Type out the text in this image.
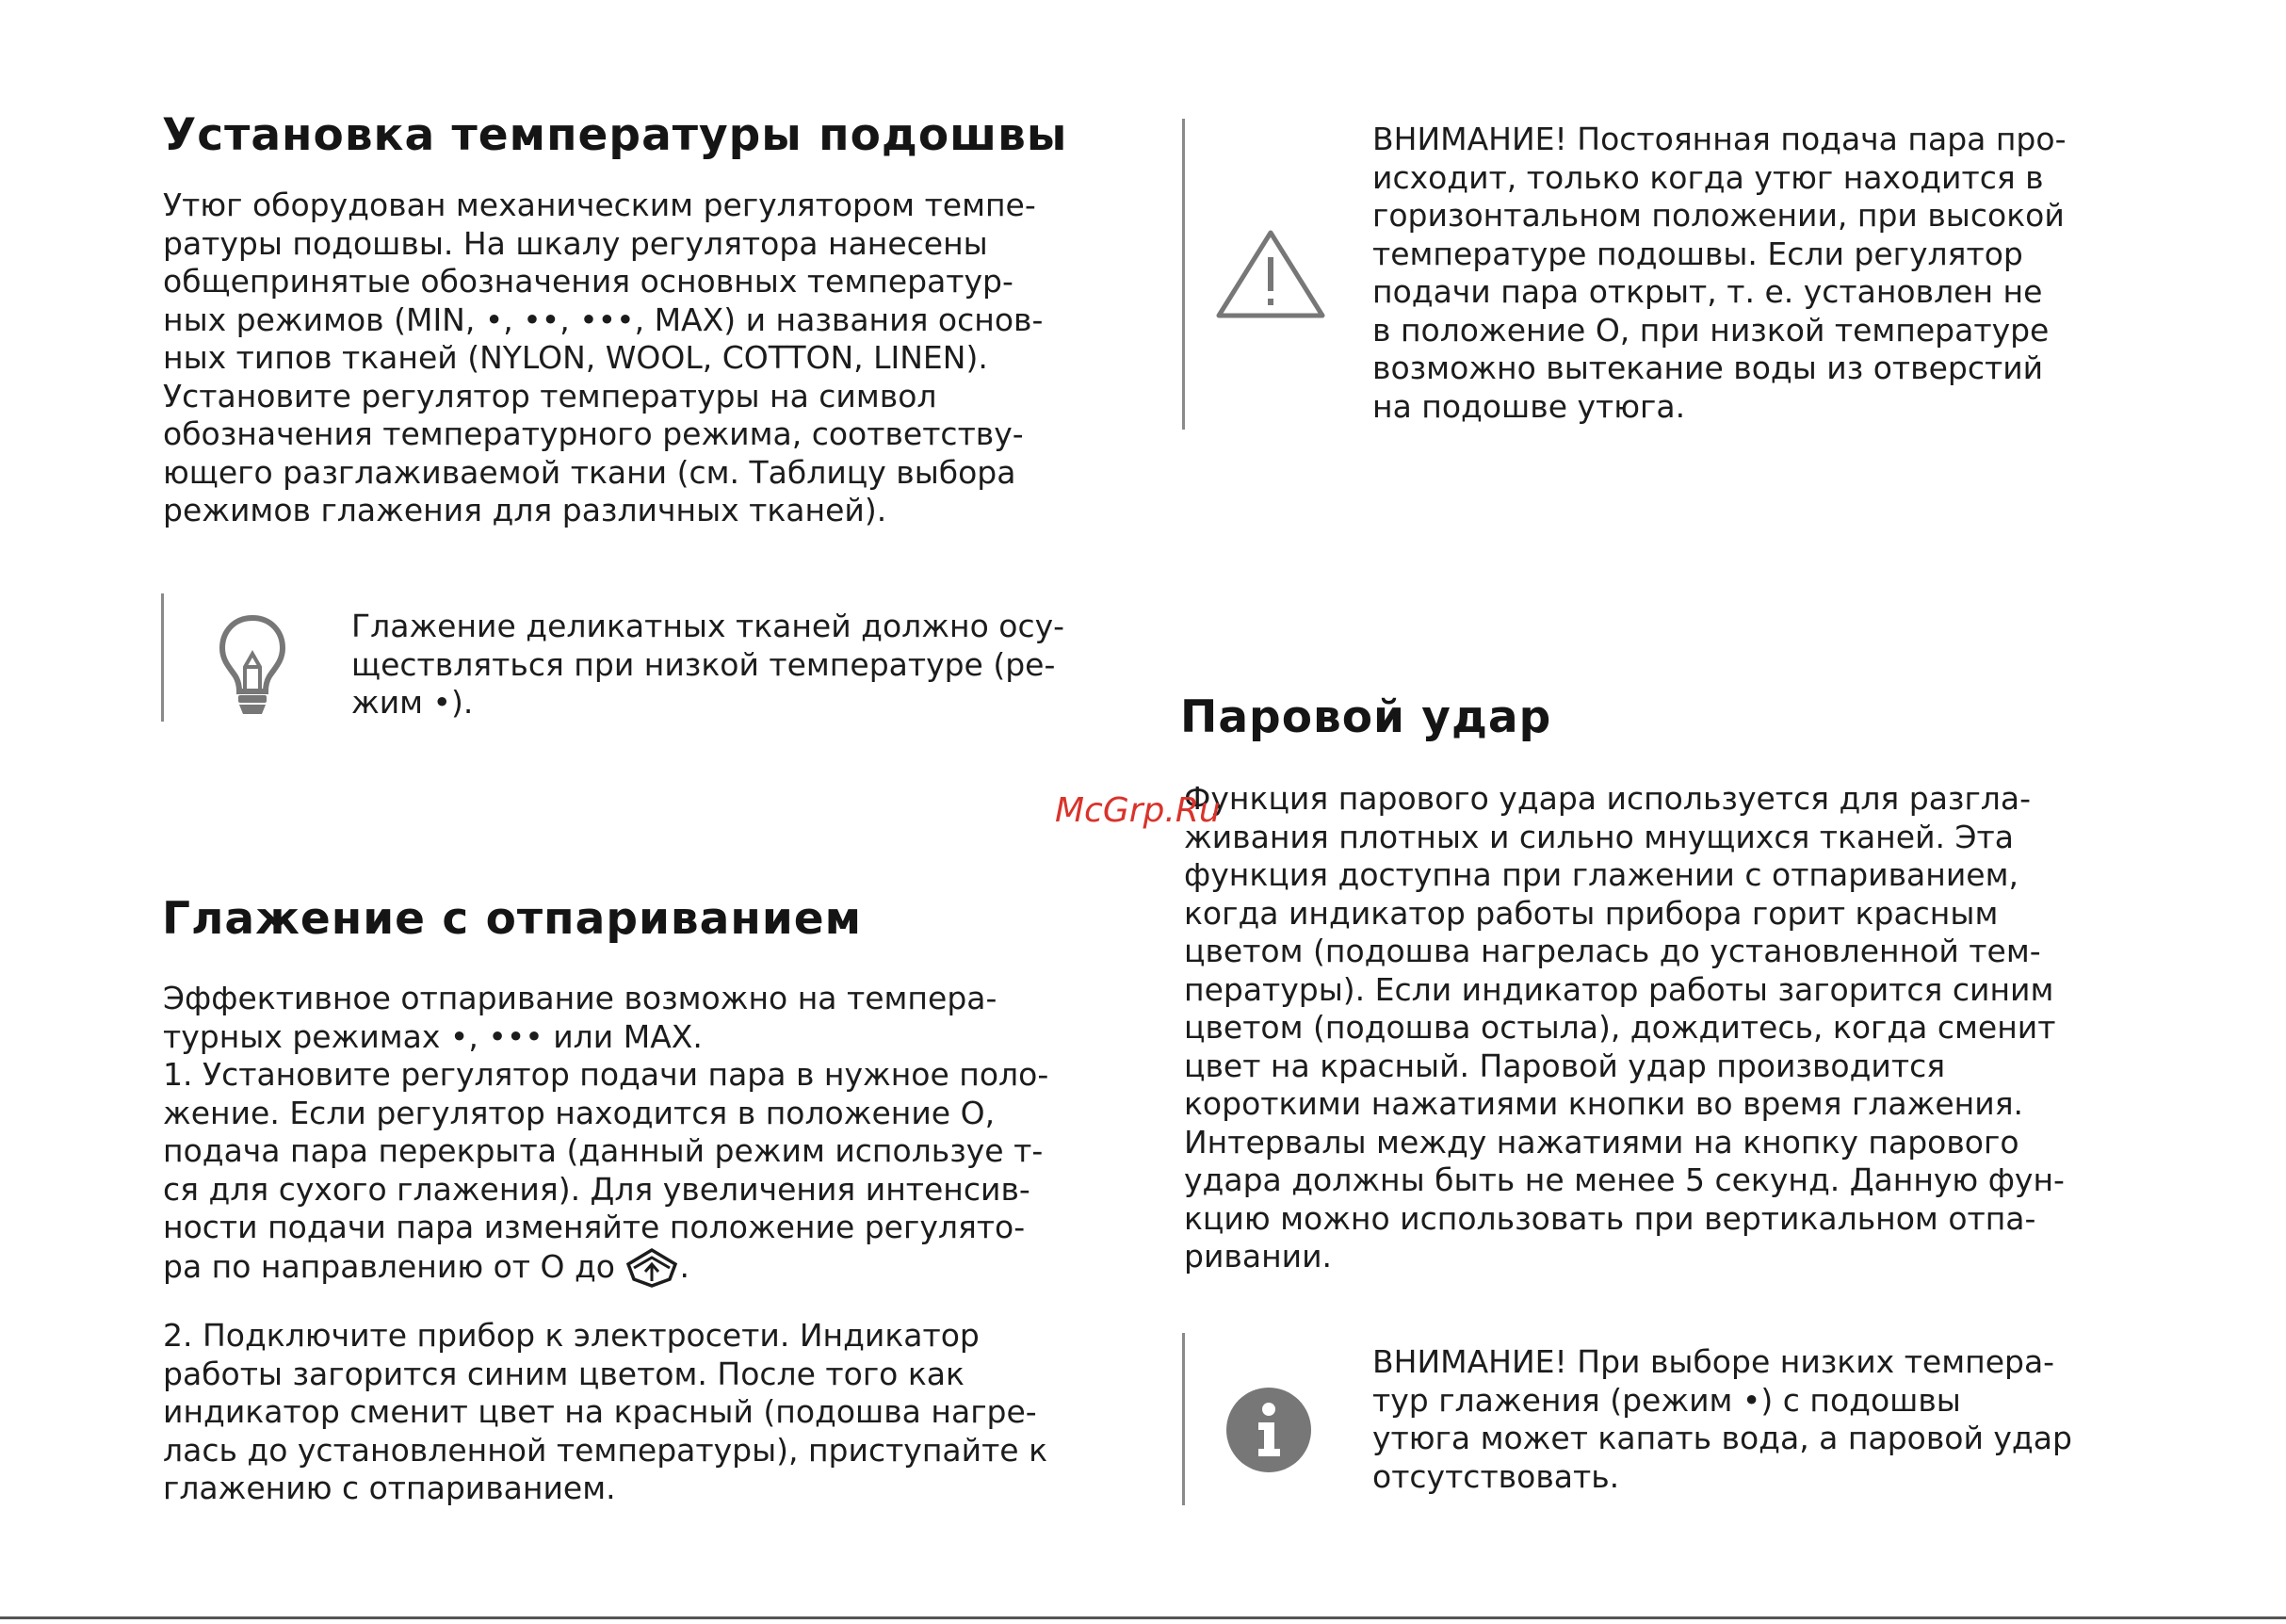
Установка температуры подошвы
Утюг оборудован механическим регулятором темпе-
ратуры подошвы. На шкалу регулятора нанесены
общепринятые обозначения основных температур-
ных режимов (MIN, •, ••, •••, MAX) и названия основ-
ных типов тканей (NYLON, WOOL, COTTON, LINEN).
Установите регулятор температуры на символ
обозначения температурного режима, соответству-
ющего разглаживаемой ткани (см. Таблицу выбора
режимов глажения для различных тканей).
Глажение деликатных тканей должно осу-
ществляться при низкой температуре (ре-
жим •).
Глажение с отпариванием
Эффективное отпаривание возможно на темпера-
турных режимах •, ••• или MAX.
1. Установите регулятор подачи пара в нужное поло-
жение. Если регулятор находится в положение O,
подача пара перекрыта (данный режим используе т-
ся для сухого глажения). Для увеличения интенсив-
ности подачи пара изменяйте положение регулято-
ра по направлению от O до .
2. Подключите прибор к электросети. Индикатор
работы загорится синим цветом. После того как
индикатор сменит цвет на красный (подошва нагре-
лась до установленной температуры), приступайте к
глажению с отпариванием.
ВНИМАНИЕ! Постоянная подача пара про-
исходит, только когда утюг находится в
горизонтальном положении, при высокой
температуре подошвы. Если регулятор
подачи пара открыт, т. е. установлен не
в положение O, при низкой температуре
возможно вытекание воды из отверстий
на подошве утюга.
Паровой удар
Функция парового удара используется для разгла-
живания плотных и сильно мнущихся тканей. Эта
функция доступна при глажении с отпариванием,
когда индикатор работы прибора горит красным
цветом (подошва нагрелась до установленной тем-
пературы). Если индикатор работы загорится синим
цветом (подошва остыла), дождитесь, когда сменит
цвет на красный. Паровой удар производится
короткими нажатиями кнопки во время глажения.
Интервалы между нажатиями на кнопку парового
удара должны быть не менее 5 секунд. Данную фун-
кцию можно использовать при вертикальном отпа-
ривании.
ВНИМАНИЕ! При выборе низких темпера-
тур глажения (режим •) с подошвы
утюга может капать вода, а паровой удар
отсутствовать.
McGrp.Ru
